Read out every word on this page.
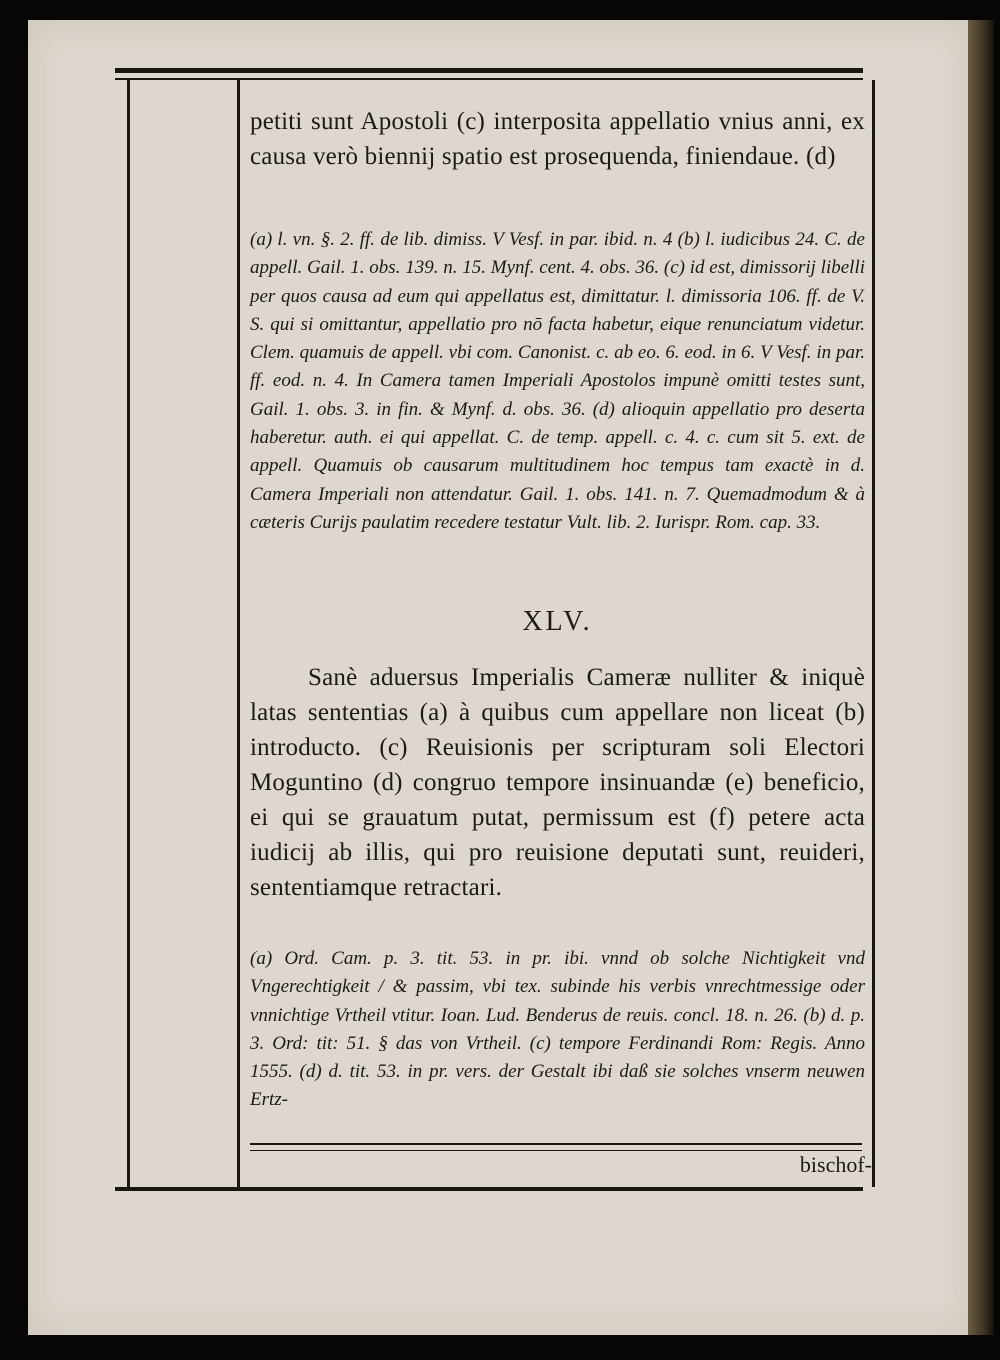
petiti sunt Apostoli (c) interposita appellatio vnius anni, ex causa verò biennij spatio est prosequenda, finiendaue. (d)

(a) l. vn. §. 2. ff. de lib. dimiss. V Vesf. in par. ibid. n. 4 (b) l. iudicibus 24. C. de appell. Gail. 1. obs. 139. n. 15. Mynf. cent. 4. obs. 36. (c) id est, dimissorij libelli per quos causa ad eum qui appellatus est, dimittatur. l. dimissoria 106. ff. de V. S. qui si omittantur, appellatio pro nō facta habetur, eique renunciatum videtur. Clem. quamuis de appell. vbi com. Canonist. c. ab eo. 6. eod. in 6. V Vesf. in par. ff. eod. n. 4. In Camera tamen Imperiali Apostolos impunè omitti testes sunt, Gail. 1. obs. 3. in fin. & Mynf. d. obs. 36. (d) alioquin appellatio pro deserta haberetur. auth. ei qui appellat. C. de temp. appell. c. 4. c. cum sit 5. ext. de appell. Quamuis ob causarum multitudinem hoc tempus tam exactè in d. Camera Imperiali non attendatur. Gail. 1. obs. 141. n. 7. Quemadmodum & à cæteris Curijs paulatim recedere testatur Vult. lib. 2. Iurispr. Rom. cap. 33.

XLV.

Sanè aduersus Imperialis Cameræ nulliter & iniquè latas sententias (a) à quibus cum appellare non liceat (b) introducto. (c) Reuisionis per scripturam soli Electori Moguntino (d) congruo tempore insinuandæ (e) beneficio, ei qui se grauatum putat, permissum est (f) petere acta iudicij ab illis, qui pro reuisione deputati sunt, reuideri, sententiamque retractari.

(a) Ord. Cam. p. 3. tit. 53. in pr. ibi. vnnd ob solche Nichtigkeit vnd Vngerechtigkeit / & passim, vbi tex. subinde his verbis vnrechtmessige oder vnnichtige Vrtheil vtitur. Ioan. Lud. Benderus de reuis. concl. 18. n. 26. (b) d. p. 3. Ord: tit: 51. § das von Vrtheil. (c) tempore Ferdinandi Rom: Regis. Anno 1555. (d) d. tit. 53. in pr. vers. der Gestalt ibi daß sie solches vnserm neuwen Ertz-

bischof-
